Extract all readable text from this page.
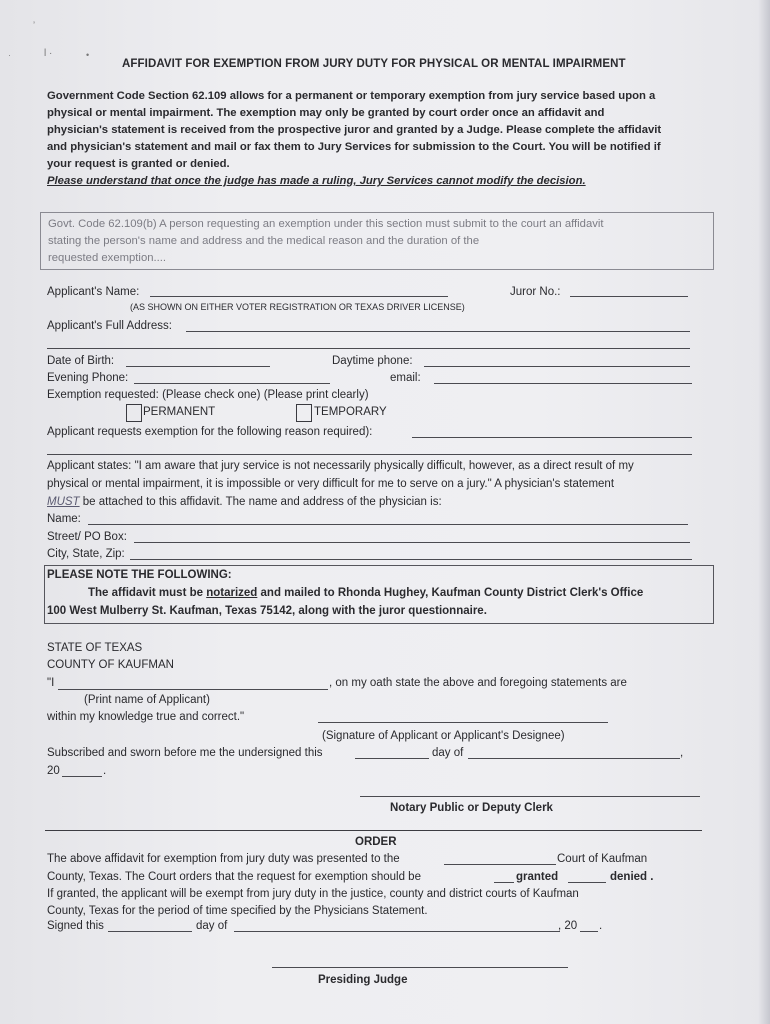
’
·	l ·	•
AFFIDAVIT FOR EXEMPTION FROM JURY DUTY FOR PHYSICAL OR MENTAL IMPAIRMENT
Government Code Section 62.109 allows for a permanent or temporary exemption from jury service based upon a
physical or mental impairment. The exemption may only be granted by court order once an affidavit and
physician's statement is received from the prospective juror and granted by a Judge. Please complete the affidavit
and physician's statement and mail or fax them to Jury Services for submission to the Court. You will be notified if
your request is granted or denied.
Please understand that once the judge has made a ruling, Jury Services cannot modify the decision.
Govt. Code 62.109(b) A person requesting an exemption under this section must submit to the court an affidavit
stating the person's name and address and the medical reason and the duration of the
requested exemption....
Applicant's Name:	Juror No.:
(AS SHOWN ON EITHER VOTER REGISTRATION OR TEXAS DRIVER LICENSE)
Applicant's Full Address:
Date of Birth:	Daytime phone:
Evening Phone:	email:
Exemption requested: (Please check one) (Please print clearly)
PERMANENT	TEMPORARY
Applicant requests exemption for the following reason required):
Applicant states: "I am aware that jury service is not necessarily physically difficult, however, as a direct result of my
physical or mental impairment, it is impossible or very difficult for me to serve on a jury." A physician's statement
MUST be attached to this affidavit. The name and address of the physician is:
Name:
Street/ PO Box:
City, State, Zip:
PLEASE NOTE THE FOLLOWING:
The affidavit must be notarized and mailed to Rhonda Hughey, Kaufman County District Clerk's Office
100 West Mulberry St. Kaufman, Texas 75142, along with the juror questionnaire.
STATE OF TEXAS
COUNTY OF KAUFMAN
"I	, on my oath state the above and foregoing statements are
(Print name of Applicant)
within my knowledge true and correct."
(Signature of Applicant or Applicant's Designee)
Subscribed and sworn before me the undersigned this	day of	,
20	.
Notary Public or Deputy Clerk
ORDER
The above affidavit for exemption from jury duty was presented to the	Court of Kaufman
County, Texas. The Court orders that the request for exemption should be	granted	denied .
If granted, the applicant will be exempt from jury duty in the justice, county and district courts of Kaufman
County, Texas for the period of time specified by the Physicians Statement.
Signed this	day of	, 20 .
Presiding Judge
